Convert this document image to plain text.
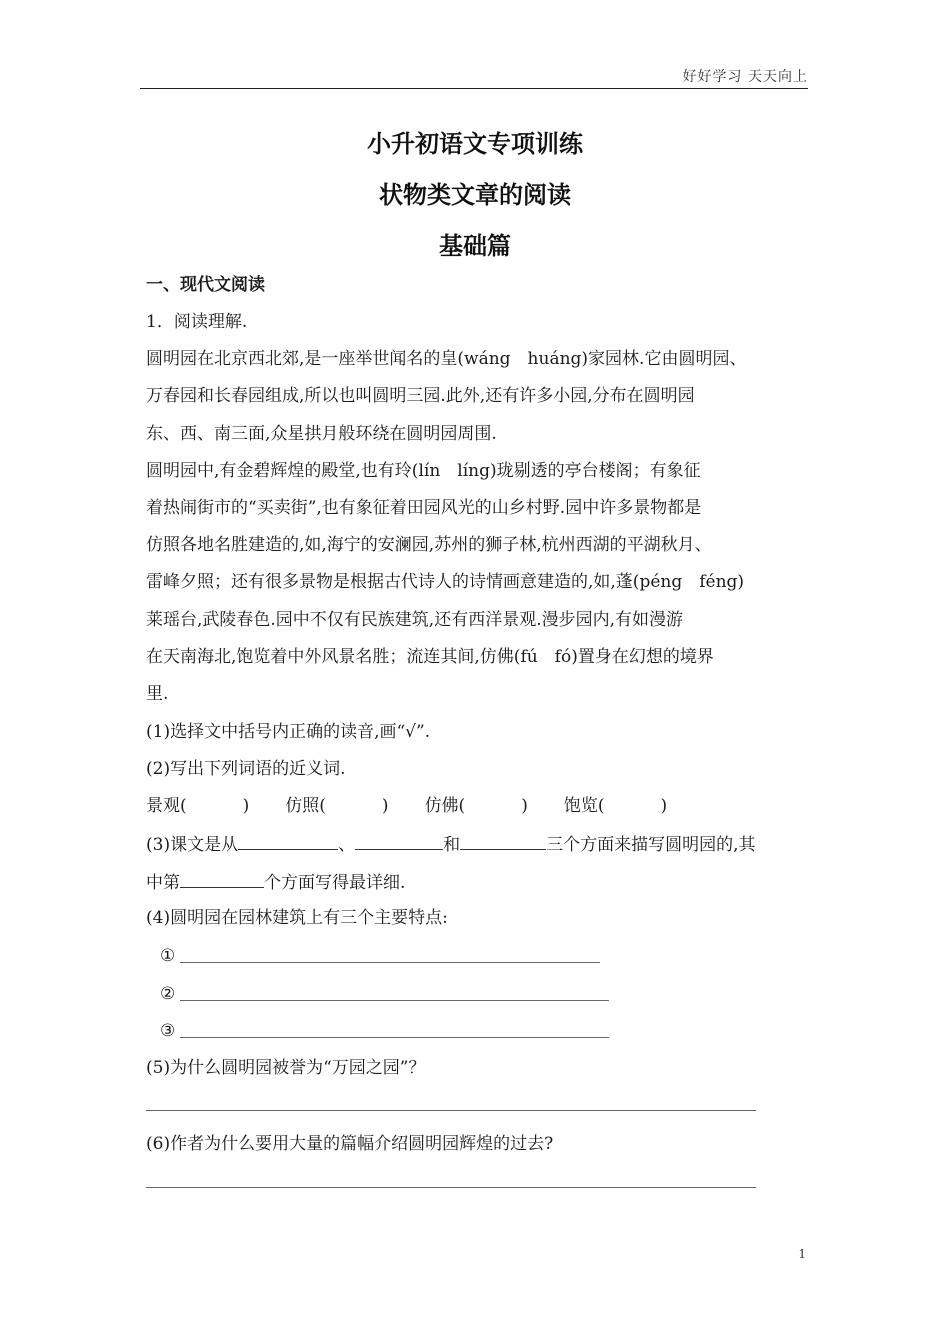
好好学习 天天向上
小升初语文专项训练
状物类文章的阅读
基础篇
一、现代文阅读
1．阅读理解.
圆明园在北京西北郊,是一座举世闻名的皇(wáng　huáng)家园林.它由圆明园、
万春园和长春园组成,所以也叫圆明三园.此外,还有许多小园,分布在圆明园
东、西、南三面,众星拱月般环绕在圆明园周围.
圆明园中,有金碧辉煌的殿堂,也有玲(lín　líng)珑剔透的亭台楼阁；有象征
着热闹街市的“买卖街”,也有象征着田园风光的山乡村野.园中许多景物都是
仿照各地名胜建造的,如,海宁的安澜园,苏州的狮子林,杭州西湖的平湖秋月、
雷峰夕照；还有很多景物是根据古代诗人的诗情画意建造的,如,蓬(péng　féng)
莱瑶台,武陵春色.园中不仅有民族建筑,还有西洋景观.漫步园内,有如漫游
在天南海北,饱览着中外风景名胜；流连其间,仿佛(fú　fó)置身在幻想的境界
里.
(1)选择文中括号内正确的读音,画“√”.
(2)写出下列词语的近义词.
景观(	) 仿照(	) 仿佛(	) 饱览(	)
(3)课文是从	、	和	三个方面来描写圆明园的,其
中第	个方面写得最详细.
(4)圆明园在园林建筑上有三个主要特点:
①
②
③
(5)为什么圆明园被誉为“万园之园”？
(6)作者为什么要用大量的篇幅介绍圆明园辉煌的过去?
1
